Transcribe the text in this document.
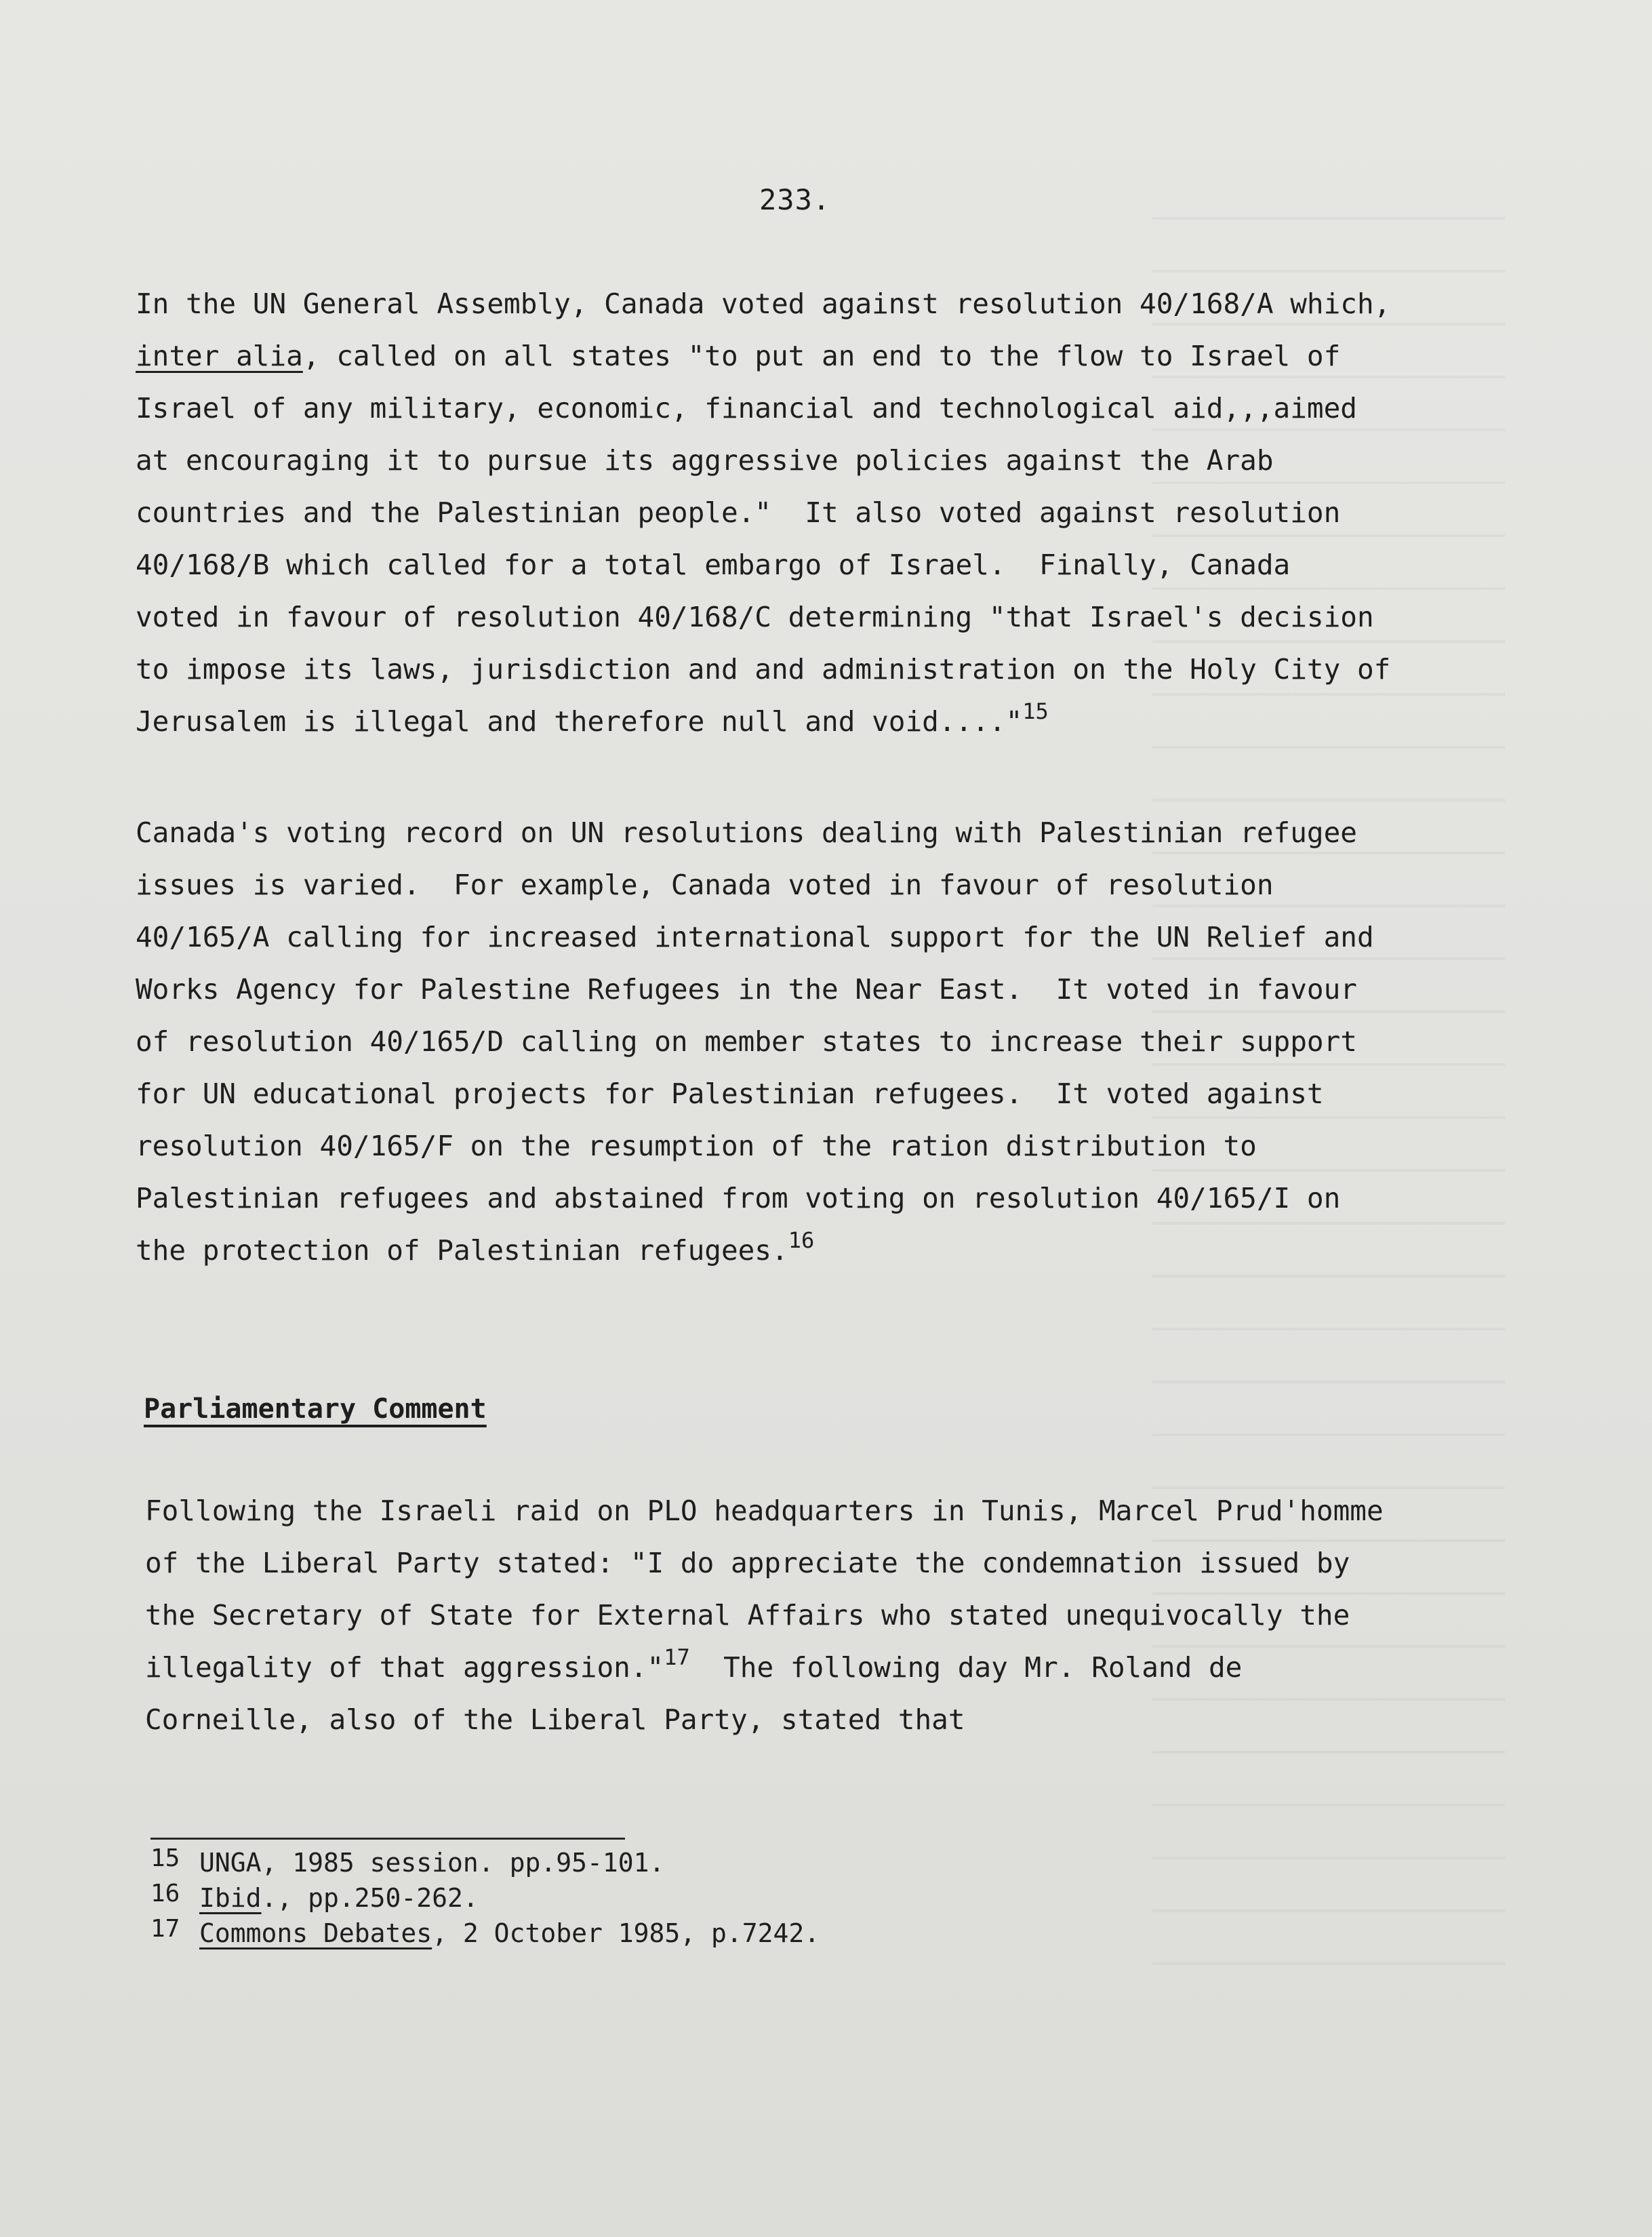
233.
In the UN General Assembly, Canada voted against resolution 40/168/A which,
inter alia, called on all states "to put an end to the flow to Israel of
Israel of any military, economic, financial and technological aid,,,aimed
at encouraging it to pursue its aggressive policies against the Arab
countries and the Palestinian people."  It also voted against resolution
40/168/B which called for a total embargo of Israel.  Finally, Canada
voted in favour of resolution 40/168/C determining "that Israel's decision
to impose its laws, jurisdiction and and administration on the Holy City of
Jerusalem is illegal and therefore null and void...."$^{15}$
Canada's voting record on UN resolutions dealing with Palestinian refugee
issues is varied.  For example, Canada voted in favour of resolution
40/165/A calling for increased international support for the UN Relief and
Works Agency for Palestine Refugees in the Near East.  It voted in favour
of resolution 40/165/D calling on member states to increase their support
for UN educational projects for Palestinian refugees.  It voted against
resolution 40/165/F on the resumption of the ration distribution to
Palestinian refugees and abstained from voting on resolution 40/165/I on
the protection of Palestinian refugees.$^{16}$
Parliamentary Comment
Following the Israeli raid on PLO headquarters in Tunis, Marcel Prud'homme
of the Liberal Party stated: "I do appreciate the condemnation issued by
the Secretary of State for External Affairs who stated unequivocally the
illegality of that aggression."$^{17}$  The following day Mr. Roland de
Corneille, also of the Liberal Party, stated that
15 UNGA, 1985 session. pp.95-101.
16 Ibid., pp.250-262.
17 Commons Debates, 2 October 1985, p.7242.
